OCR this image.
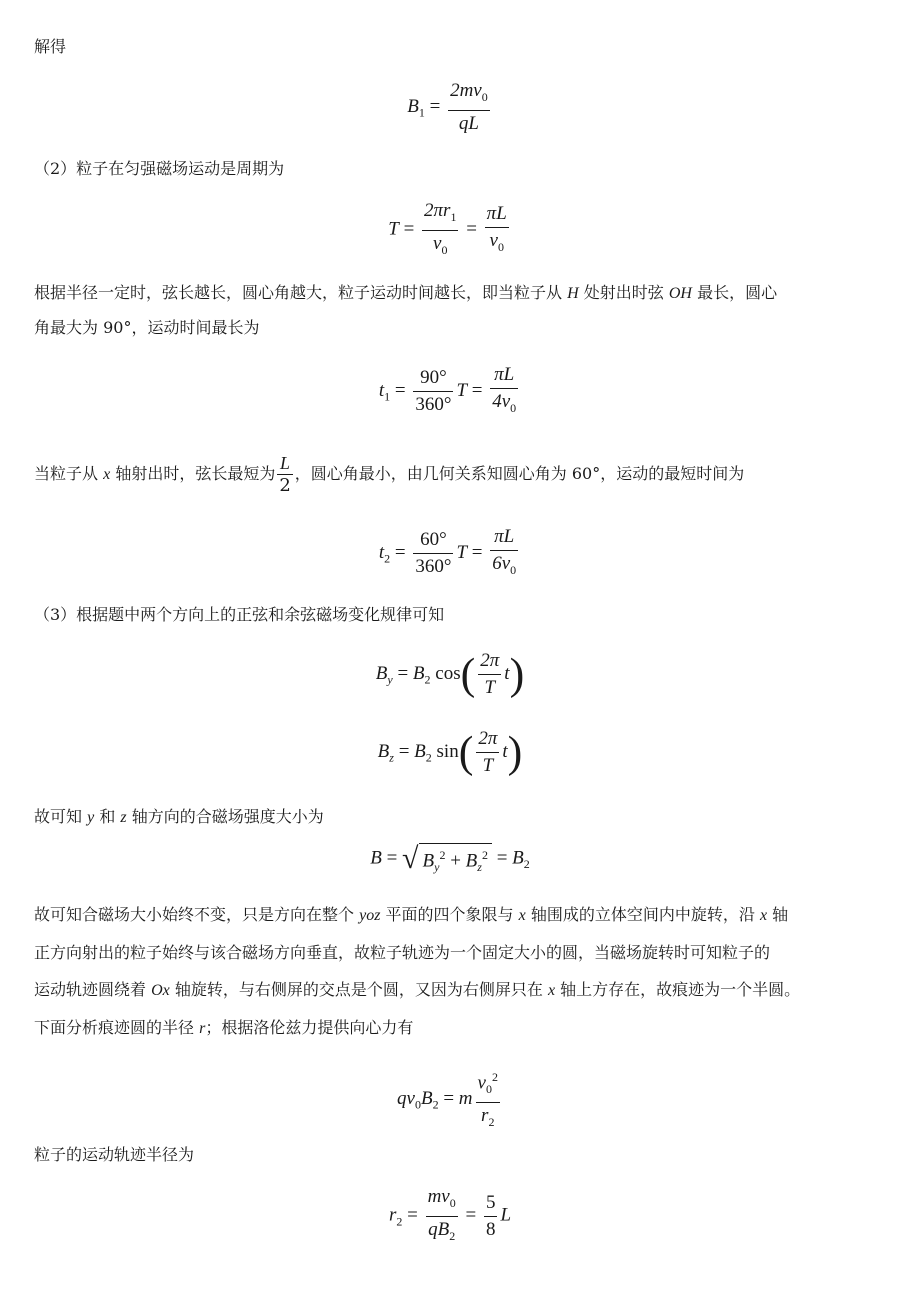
解得
$B_1 = \frac{2mv_0}{qL}$
（2）粒子在匀强磁场运动是周期为
$T = \frac{2\pi r_1}{v_0} = \frac{\pi L}{v_0}$
根据半径一定时，弦长越长，圆心角越大，粒子运动时间越长，即当粒子从 H 处射出时弦 OH 最长，圆心
角最大为 90°，运动时间最长为
$t_1 = \frac{90^\circ}{360^\circ}$ $T = \frac{\pi L}{4v_0}$
当粒子从 x 轴射出时，弦长最短为 $\frac{L}{2}$ ，圆心角最小，由几何关系知圆心角为 60°，运动的最短时间为
$t_2 = \frac{60^\circ}{360^\circ}$ $T = \frac{\pi L}{6v_0}$
（3）根据题中两个方向上的正弦和余弦磁场变化规律可知
$B_y = B_2$ $\cos( \frac{2\pi}{T} t)$
$B_z = B_2$ $\sin( \frac{2\pi}{T} t)$
故可知 y 和 z 轴方向的合磁场强度大小为
B = √ $B_y^2 + B_z^2 = B_2$
故可知合磁场大小始终不变，只是方向在整个 yoz 平面的四个象限与 x 轴围成的立体空间内中旋转，沿 x 轴
正方向射出的粒子始终与该合磁场方向垂直，故粒子轨迹为一个固定大小的圆，当磁场旋转时可知粒子的
运动轨迹圆绕着 Ox 轴旋转，与右侧屏的交点是个圆，又因为右侧屏只在 x 轴上方存在，故痕迹为一个半圆。
下面分析痕迹圆的半径 r；根据洛伦兹力提供向心力有
$qv_0B_2 = m \frac{v_0^2}{r_2}$
粒子的运动轨迹半径为
$r_2 = \frac{mv_0}{qB_2} = \frac{5}{8}$ L
